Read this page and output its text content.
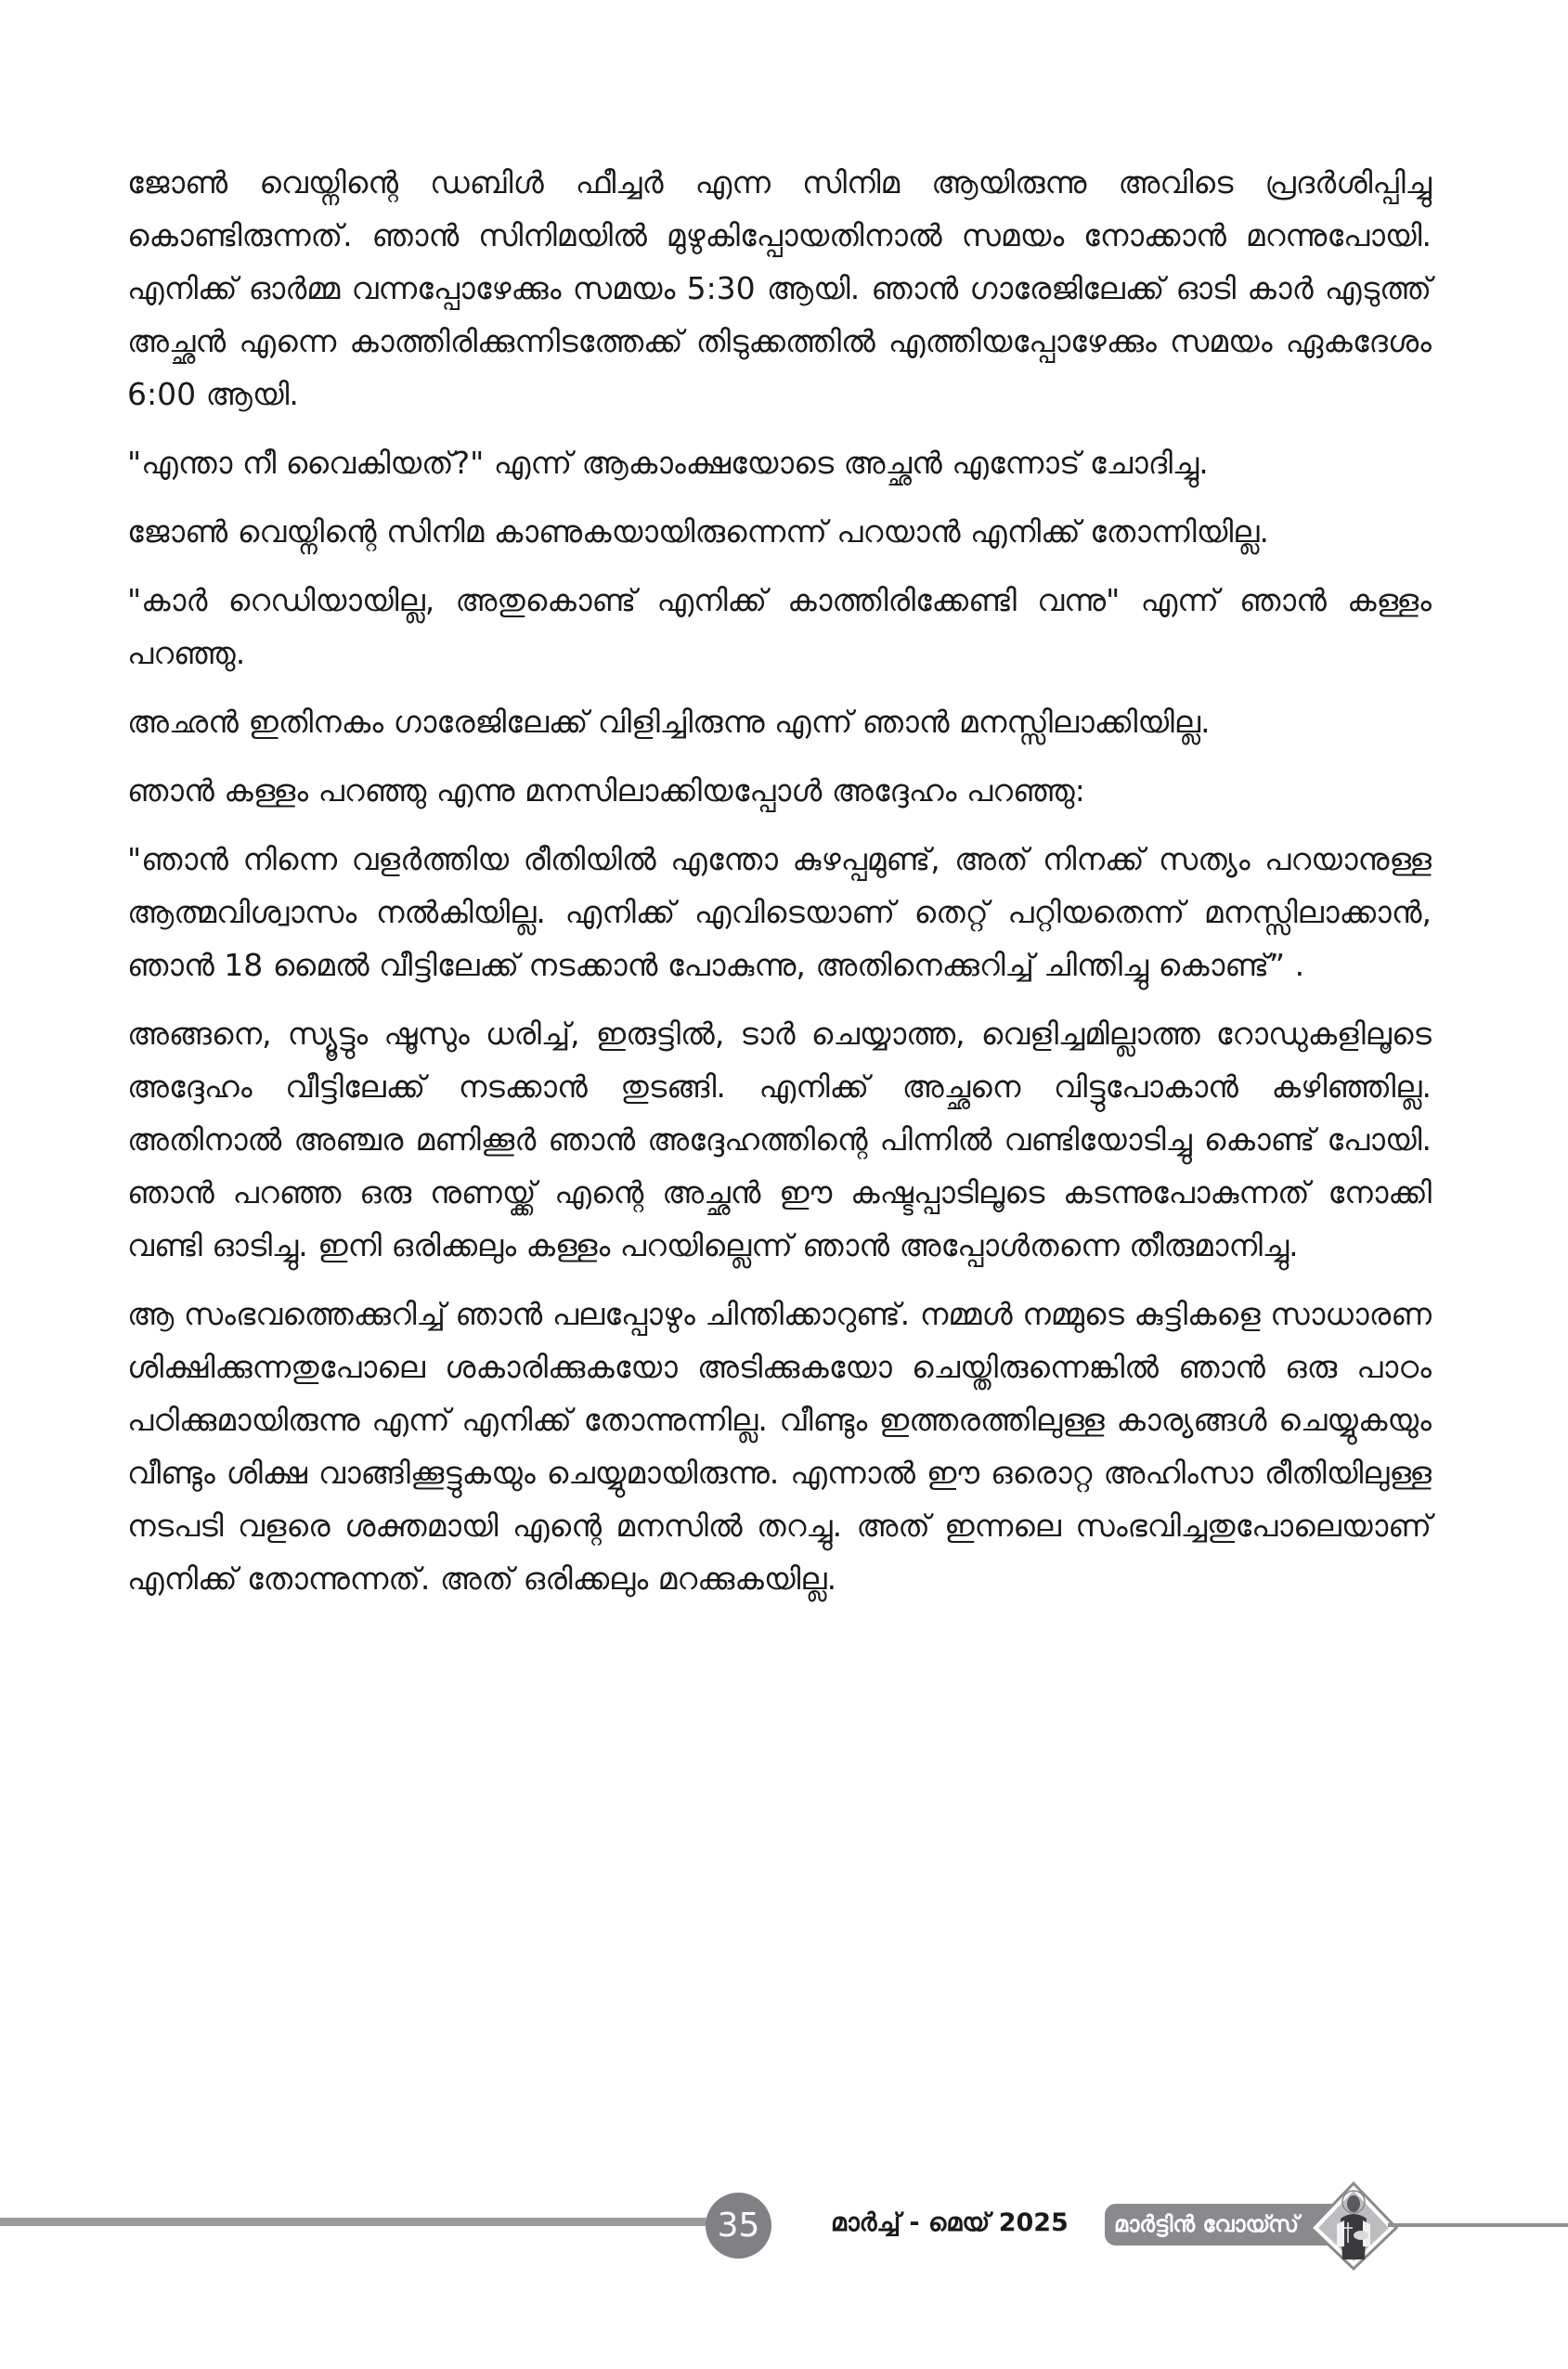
ജോൺ വെയ്നിന്റെ ഡബിൾ ഫീച്ചർ എന്ന സിനിമ ആയിരുന്നു അവിടെ പ്രദർശിപ്പിച്ചു കൊണ്ടിരുന്നത്. ഞാൻ സിനിമയിൽ മുഴുകിപ്പോയതിനാൽ സമയം നോക്കാൻ മറന്നുപോയി. എനിക്ക് ഓർമ്മ വന്നപ്പോഴേക്കും സമയം 5:30 ആയി. ഞാൻ ഗാരേജിലേക്ക് ഓടി കാർ എടുത്ത് അച്ഛൻ എന്നെ കാത്തിരിക്കുന്നിടത്തേക്ക് തിടുക്കത്തിൽ എത്തിയപ്പോഴേക്കും സമയം ഏകദേശം 6:00 ആയി.

"എന്താ നീ വൈകിയത്?" എന്ന് ആകാംക്ഷയോടെ അച്ഛൻ എന്നോട് ചോദിച്ചു.

ജോൺ വെയ്നിന്റെ സിനിമ കാണുകയായിരുന്നെന്ന് പറയാൻ എനിക്ക് തോന്നിയില്ല.

"കാർ റെഡിയായില്ല, അതുകൊണ്ട് എനിക്ക് കാത്തിരിക്കേണ്ടി വന്നു" എന്ന് ഞാൻ കള്ളം പറഞ്ഞു.

അഛൻ ഇതിനകം ഗാരേജിലേക്ക് വിളിച്ചിരുന്നു എന്ന് ഞാൻ മനസ്സിലാക്കിയില്ല.

ഞാൻ കള്ളം പറഞ്ഞു എന്നു മനസിലാക്കിയപ്പോൾ അദ്ദേഹം പറഞ്ഞു:

"ഞാൻ നിന്നെ വളർത്തിയ രീതിയിൽ എന്തോ കുഴപ്പമുണ്ട്, അത് നിനക്ക് സത്യം പറയാനുള്ള ആത്മവിശ്വാസം നൽകിയില്ല. എനിക്ക് എവിടെയാണ് തെറ്റ് പറ്റിയതെന്ന് മനസ്സിലാക്കാൻ, ഞാൻ 18 മൈൽ വീട്ടിലേക്ക് നടക്കാൻ പോകുന്നു, അതിനെക്കുറിച്ച് ചിന്തിച്ചു കൊണ്ട്” .

അങ്ങനെ, സ്യൂട്ടും ഷൂസും ധരിച്ച്, ഇരുട്ടിൽ, ടാർ ചെയ്യാത്ത, വെളിച്ചമില്ലാത്ത റോഡുകളിലൂടെ അദ്ദേഹം വീട്ടിലേക്ക് നടക്കാൻ തുടങ്ങി. എനിക്ക് അച്ഛനെ വിട്ടുപോകാൻ കഴിഞ്ഞില്ല. അതിനാൽ അഞ്ചര മണിക്കൂർ ഞാൻ അദ്ദേഹത്തിന്റെ പിന്നിൽ വണ്ടിയോടിച്ചു കൊണ്ട് പോയി. ഞാൻ പറഞ്ഞ ഒരു നുണയ്ക്ക് എന്റെ അച്ഛൻ ഈ കഷ്ടപ്പാടിലൂടെ കടന്നുപോകുന്നത് നോക്കി വണ്ടി ഓടിച്ചു. ഇനി ഒരിക്കലും കള്ളം പറയില്ലെന്ന് ഞാൻ അപ്പോൾതന്നെ തീരുമാനിച്ചു.

ആ സംഭവത്തെക്കുറിച്ച് ഞാൻ പലപ്പോഴും ചിന്തിക്കാറുണ്ട്. നമ്മൾ നമ്മുടെ കുട്ടികളെ സാധാരണ ശിക്ഷിക്കുന്നതുപോലെ ശകാരിക്കുകയോ അടിക്കുകയോ ചെയ്തിരുന്നെങ്കിൽ ഞാൻ ഒരു പാഠം പഠിക്കുമായിരുന്നു എന്ന് എനിക്ക് തോന്നുന്നില്ല. വീണ്ടും ഇത്തരത്തിലുള്ള കാര്യങ്ങൾ ചെയ്യുകയും വീണ്ടും ശിക്ഷ വാങ്ങിക്കൂട്ടുകയും ചെയ്യുമായിരുന്നു. എന്നാൽ ഈ ഒരൊറ്റ അഹിംസാ രീതിയിലുള്ള നടപടി വളരെ ശക്തമായി എന്റെ മനസിൽ തറച്ചു. അത് ഇന്നലെ സംഭവിച്ചതുപോലെയാണ് എനിക്ക് തോന്നുന്നത്. അത് ഒരിക്കലും മറക്കുകയില്ല.

35	മാർച്ച് - മെയ് 2025	മാർട്ടിൻ വോയ്സ്
